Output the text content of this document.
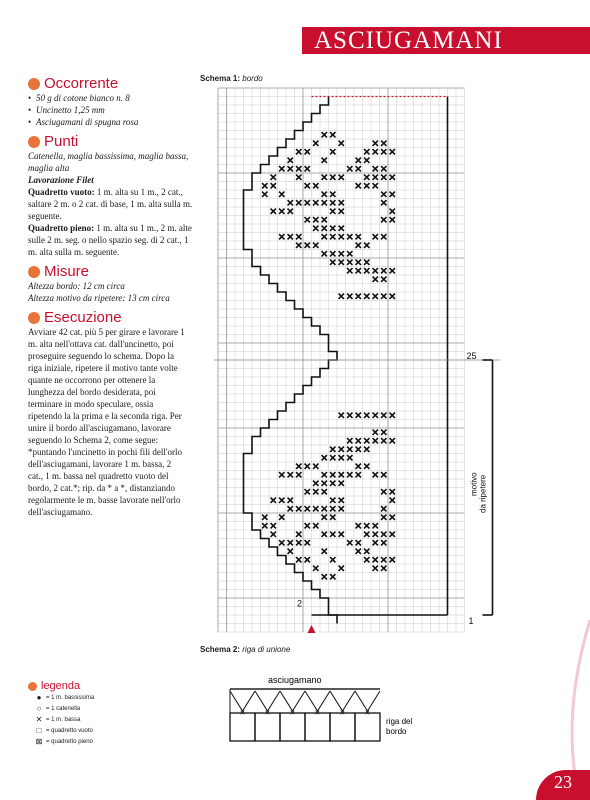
ASCIUGAMANI
Occorrente
• 50 g di cotone bianco n. 8
• Uncinetto 1,25 mm
• Asciugamani di spugna rosa
Punti
Catenella, maglia bassissima, maglia bassa, maglia alta
Lavorazione Filet
Quadretto vuoto: 1 m. alta su 1 m., 2 cat., saltare 2 m. o 2 cat. di base, 1 m. alta sulla m. seguente.
Quadretto pieno: 1 m. alta su 1 m., 2 m. alte sulle 2 m. seg. o nello spazio seg. di 2 cat., 1 m. alta sulla m. seguente.
Misure
Altezza bordo: 12 cm circa
Altezza motivo da ripetere: 13 cm circa
Esecuzione
Avviare 42 cat. più 5 per girare e lavorare 1 m. alta nell'ottava cat. dall'uncinetto, poi proseguire seguendo lo schema. Dopo la riga iniziale, ripetere il motivo tante volte quante ne occorrono per ottenere la lunghezza del bordo desiderata, poi terminare in modo speculare, ossia ripetendo la la prima e la seconda riga. Per unire il bordo all'asciugamano, lavorare seguendo lo Schema 2, come segue: *puntando l'uncinetto in pochi fili dell'orlo dell'asciugamani, lavorare 1 m. bassa, 2 cat., 1 m. bassa nel quadretto vuoto del bordo, 2 cat.*; rip. da * a *, distanziando regolarmente le m. basse lavorate nell'orlo dell'asciugamano.
Schema 1: bordo
25
1
2
motivo da ripetere
Schema 2: riga di unione
asciugamano
✕	✕	✕	✕	✕	✕
riga del
bordo
legenda
● = 1 m. bassissima
○ = 1 catenella
✕ = 1 m. bassa
□ = quadretto vuoto
⊠ = quadretto pieno
23
PassionForum.ru
